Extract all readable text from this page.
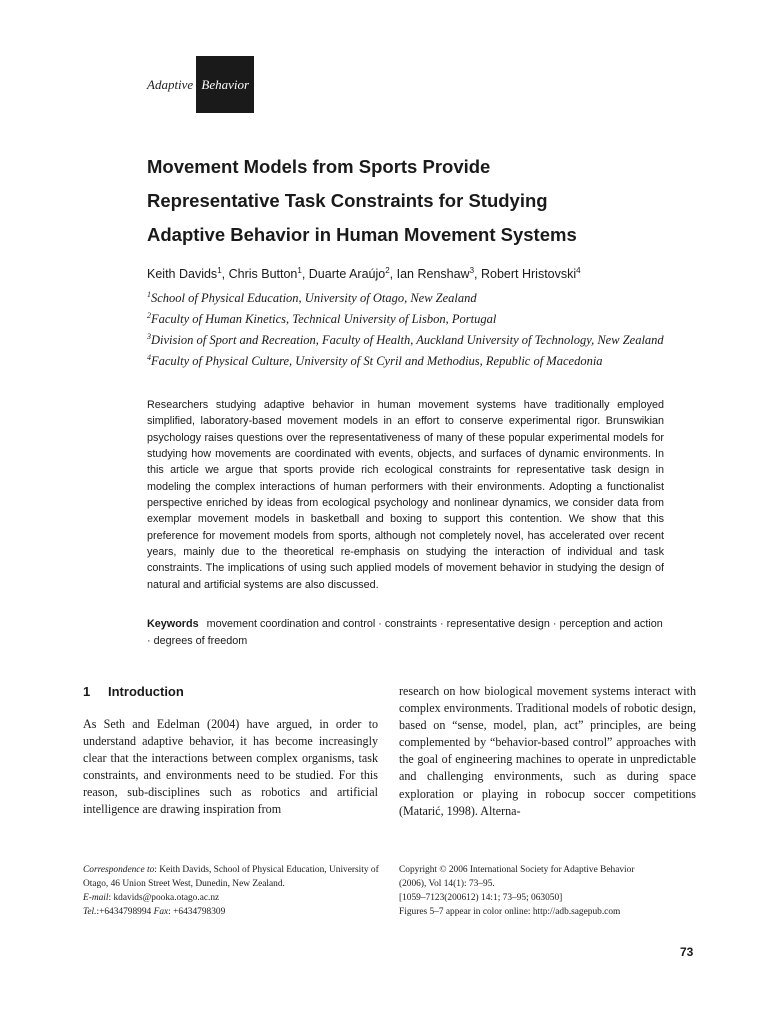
Adaptive Behavior
Movement Models from Sports Provide
Representative Task Constraints for Studying
Adaptive Behavior in Human Movement Systems
Keith Davids$^1$, Chris Button$^1$, Duarte Araújo$^2$, Ian Renshaw$^3$, Robert Hristovski$^4$
$^1$School of Physical Education, University of Otago, New Zealand
$^2$Faculty of Human Kinetics, Technical University of Lisbon, Portugal
$^3$Division of Sport and Recreation, Faculty of Health, Auckland University of Technology, New Zealand
$^4$Faculty of Physical Culture, University of St Cyril and Methodius, Republic of Macedonia
Researchers studying adaptive behavior in human movement systems have traditionally employed simplified, laboratory-based movement models in an effort to conserve experimental rigor. Brunswikian psychology raises questions over the representativeness of many of these popular experimental models for studying how movements are coordinated with events, objects, and surfaces of dynamic environments. In this article we argue that sports provide rich ecological constraints for representative task design in modeling the complex interactions of human performers with their environments. Adopting a functionalist perspective enriched by ideas from ecological psychology and nonlinear dynamics, we consider data from exemplar movement models in basketball and boxing to support this contention. We show that this preference for movement models from sports, although not completely novel, has accelerated over recent years, mainly due to the theoretical re-emphasis on studying the interaction of individual and task constraints. The implications of using such applied models of movement behavior in studying the design of natural and artificial systems are also discussed.
Keywords movement coordination and control · constraints · representative design · perception and action · degrees of freedom
1 Introduction
As Seth and Edelman (2004) have argued, in order to understand adaptive behavior, it has become increasingly clear that the interactions between complex organisms, task constraints, and environments need to be studied. For this reason, sub-disciplines such as robotics and artificial intelligence are drawing inspiration from
research on how biological movement systems interact with complex environments. Traditional models of robotic design, based on “sense, model, plan, act” principles, are being complemented by “behavior-based control” approaches with the goal of engineering machines to operate in unpredictable and challenging environments, such as during space exploration or playing in robocup soccer competitions (Matarić, 1998). Alterna-
Correspondence to: Keith Davids, School of Physical Education, University of Otago, 46 Union Street West, Dunedin, New Zealand.
E-mail: kdavids@pooka.otago.ac.nz
Tel.:+6434798994 Fax: +6434798309
Copyright © 2006 International Society for Adaptive Behavior
(2006), Vol 14(1): 73–95.
[1059–7123(200612) 14:1; 73–95; 063050]
Figures 5–7 appear in color online: http://adb.sagepub.com
73
